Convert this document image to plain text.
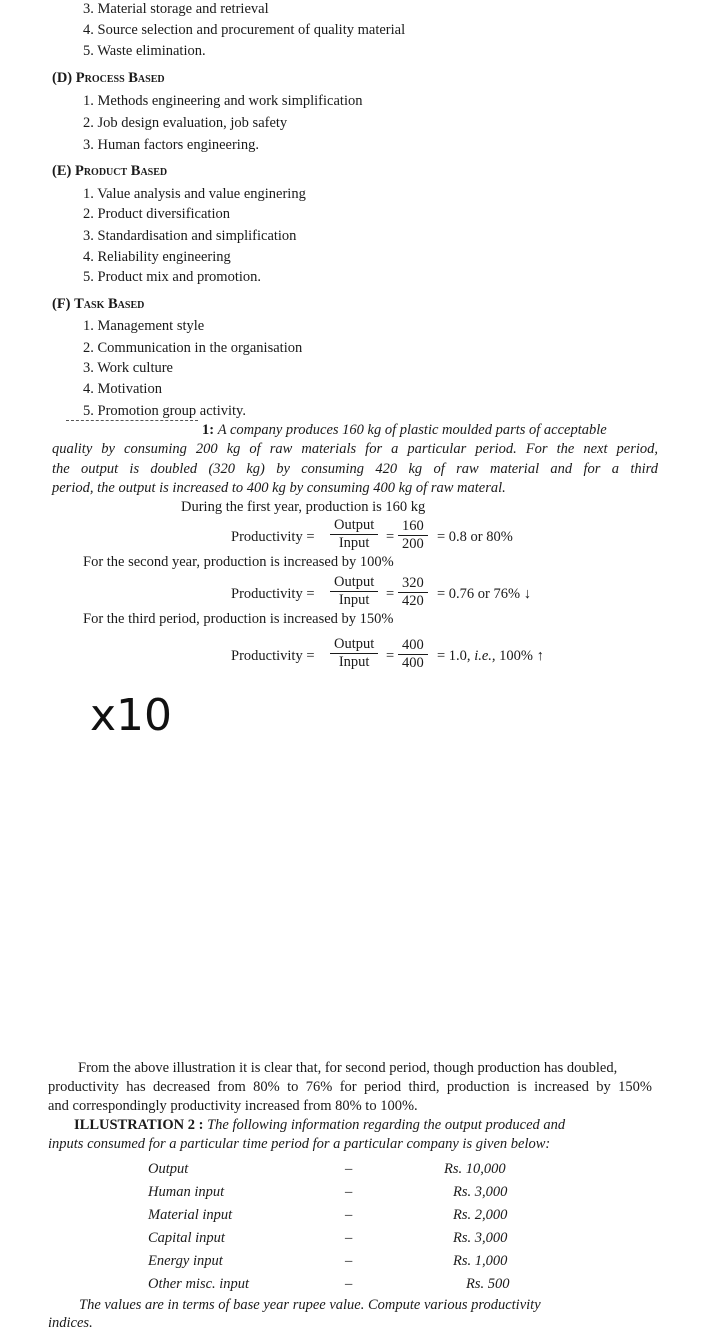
3. Material storage and retrieval
4. Source selection and procurement of quality material
5. Waste elimination.
(D) Process Based
1. Methods engineering and work simplification
2. Job design evaluation, job safety
3. Human factors engineering.
(E) Product Based
1. Value analysis and value enginering
2. Product diversification
3. Standardisation and simplification
4. Reliability engineering
5. Product mix and promotion.
(F) Task Based
1. Management style
2. Communication in the organisation
3. Work culture
4. Motivation
5. Promotion group activity.
1: A company produces 160 kg of plastic moulded parts of acceptable
quality by consuming 200 kg of raw materials for a particular period. For the next period,
the output is doubled (320 kg) by consuming 420 kg of raw material and for a third
period, the output is increased to 400 kg by consuming 400 kg of raw materal.
During the first year, production is 160 kg
Productivity =
Output
Input = $\frac{160}{200} = 0.8$ or 80%
For the second year, production is increased by 100%
Productivity =
Output
Input = $\frac{320}{420} = 0.76$ or 76% ↓
For the third period, production is increased by 150%
Productivity =
Output
Input = $\frac{400}{400} = 1.0$, i.e., 100% ↑
x10
From the above illustration it is clear that, for second period, though production has doubled,
productivity has decreased from 80% to 76% for period third, production is increased by 150%
and correspondingly productivity increased from 80% to 100%.
ILLUSTRATION 2 : The following information regarding the output produced and
inputs consumed for a particular time period for a particular company is given below:
Output	–	Rs. 10,000
Human input	–	Rs. 3,000
Material input	–	Rs. 2,000
Capital input	–	Rs. 3,000
Energy input	–	Rs. 1,000
Other misc. input	–	Rs. 500
The values are in terms of base year rupee value. Compute various productivity
indices.
